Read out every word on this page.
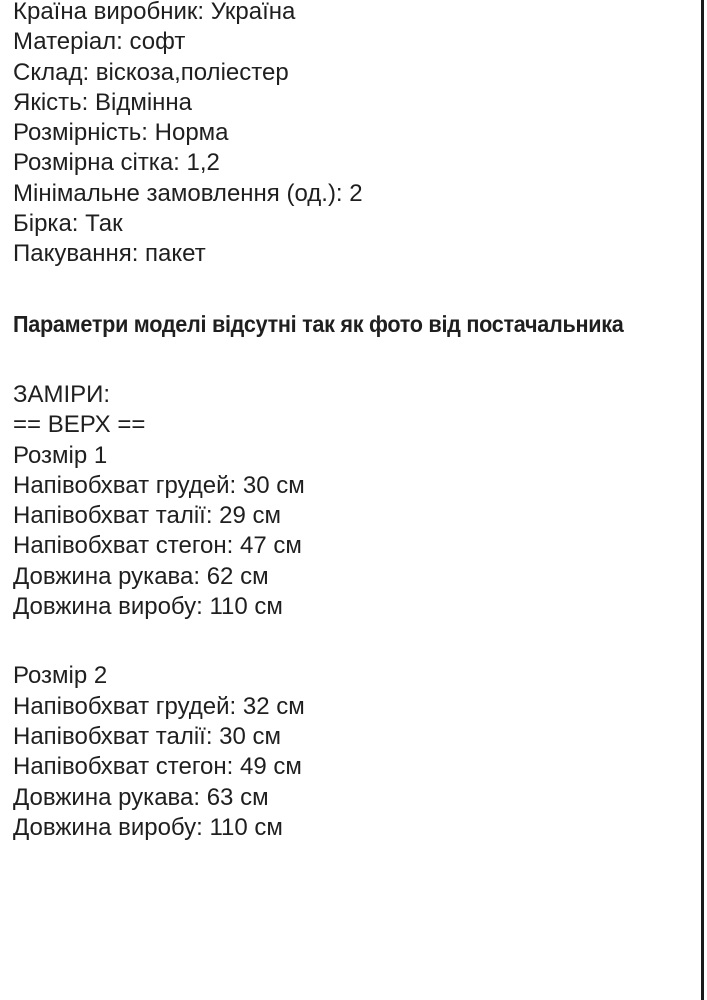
Країна виробник: Україна
Матеріал: софт
Склад: віскоза,поліестер
Якість: Відмінна
Розмірність: Норма
Розмірна сітка: 1,2
Мінімальне замовлення (од.): 2
Бірка: Так
Пакування: пакет
Параметри моделі відсутні так як фото від постачальника
ЗАМІРИ:
== ВЕРХ ==
Розмір 1
Напівобхват грудей: 30 см
Напівобхват талії: 29 см
Напівобхват стегон: 47 см
Довжина рукава: 62 см
Довжина виробу: 110 см
Розмір 2
Напівобхват грудей: 32 см
Напівобхват талії: 30 см
Напівобхват стегон: 49 см
Довжина рукава: 63 см
Довжина виробу: 110 см
